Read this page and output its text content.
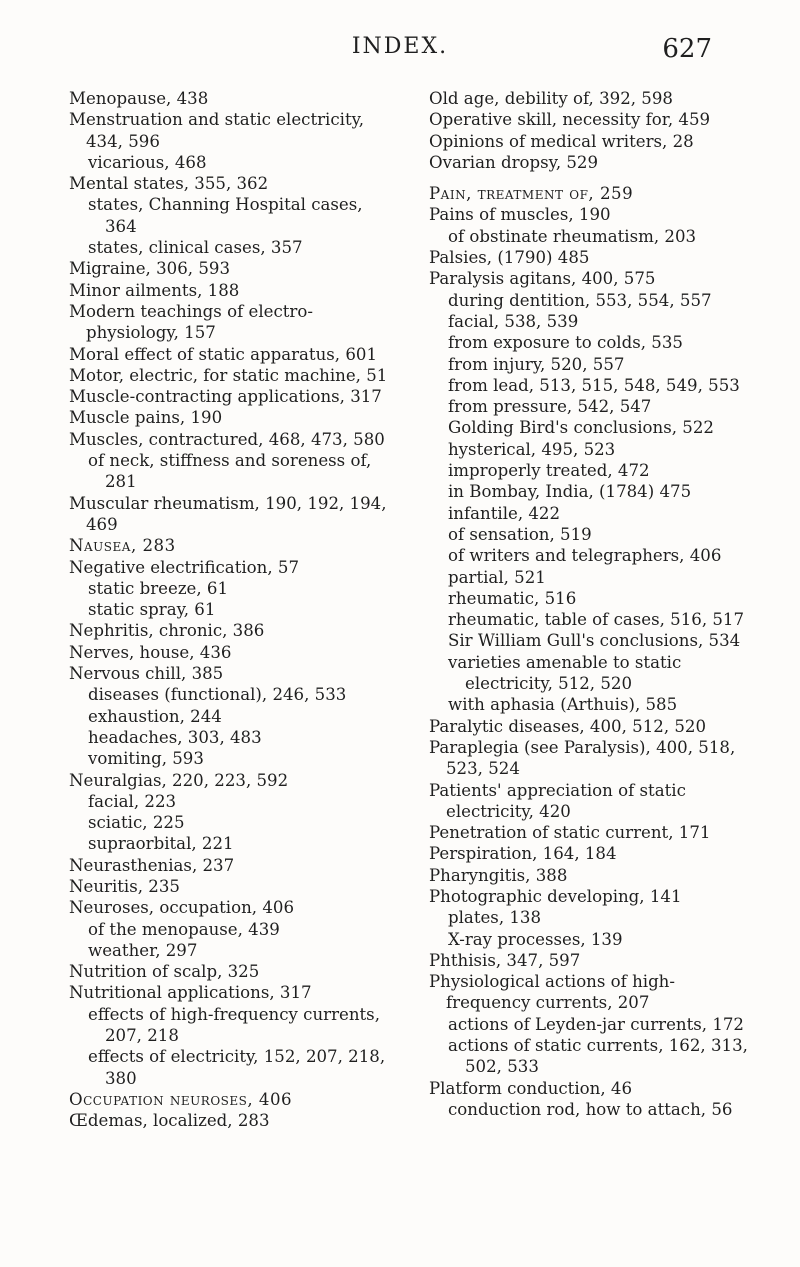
INDEX.	627
Menopause, 438
Menstruation and static electricity, 434, 596
vicarious, 468
Mental states, 355, 362
states, Channing Hospital cases, 364
states, clinical cases, 357
Migraine, 306, 593
Minor ailments, 188
Modern teachings of electro-physiology, 157
Moral effect of static apparatus, 601
Motor, electric, for static machine, 51
Muscle-contracting applications, 317
Muscle pains, 190
Muscles, contractured, 468, 473, 580
of neck, stiffness and soreness of, 281
Muscular rheumatism, 190, 192, 194, 469
Nausea, 283
Negative electrification, 57
static breeze, 61
static spray, 61
Nephritis, chronic, 386
Nerves, house, 436
Nervous chill, 385
diseases (functional), 246, 533
exhaustion, 244
headaches, 303, 483
vomiting, 593
Neuralgias, 220, 223, 592
facial, 223
sciatic, 225
supraorbital, 221
Neurasthenias, 237
Neuritis, 235
Neuroses, occupation, 406
of the menopause, 439
weather, 297
Nutrition of scalp, 325
Nutritional applications, 317
effects of high-frequency currents, 207, 218
effects of electricity, 152, 207, 218, 380
Occupation neuroses, 406
Œdemas, localized, 283
Old age, debility of, 392, 598
Operative skill, necessity for, 459
Opinions of medical writers, 28
Ovarian dropsy, 529
Pain, treatment of, 259
Pains of muscles, 190
of obstinate rheumatism, 203
Palsies, (1790) 485
Paralysis agitans, 400, 575
during dentition, 553, 554, 557
facial, 538, 539
from exposure to colds, 535
from injury, 520, 557
from lead, 513, 515, 548, 549, 553
from pressure, 542, 547
Golding Bird's conclusions, 522
hysterical, 495, 523
improperly treated, 472
in Bombay, India, (1784) 475
infantile, 422
of sensation, 519
of writers and telegraphers, 406
partial, 521
rheumatic, 516
rheumatic, table of cases, 516, 517
Sir William Gull's conclusions, 534
varieties amenable to static electricity, 512, 520
with aphasia (Arthuis), 585
Paralytic diseases, 400, 512, 520
Paraplegia (see Paralysis), 400, 518, 523, 524
Patients' appreciation of static electricity, 420
Penetration of static current, 171
Perspiration, 164, 184
Pharyngitis, 388
Photographic developing, 141
plates, 138
X-ray processes, 139
Phthisis, 347, 597
Physiological actions of high-frequency currents, 207
actions of Leyden-jar currents, 172
actions of static currents, 162, 313, 502, 533
Platform conduction, 46
conduction rod, how to attach, 56
